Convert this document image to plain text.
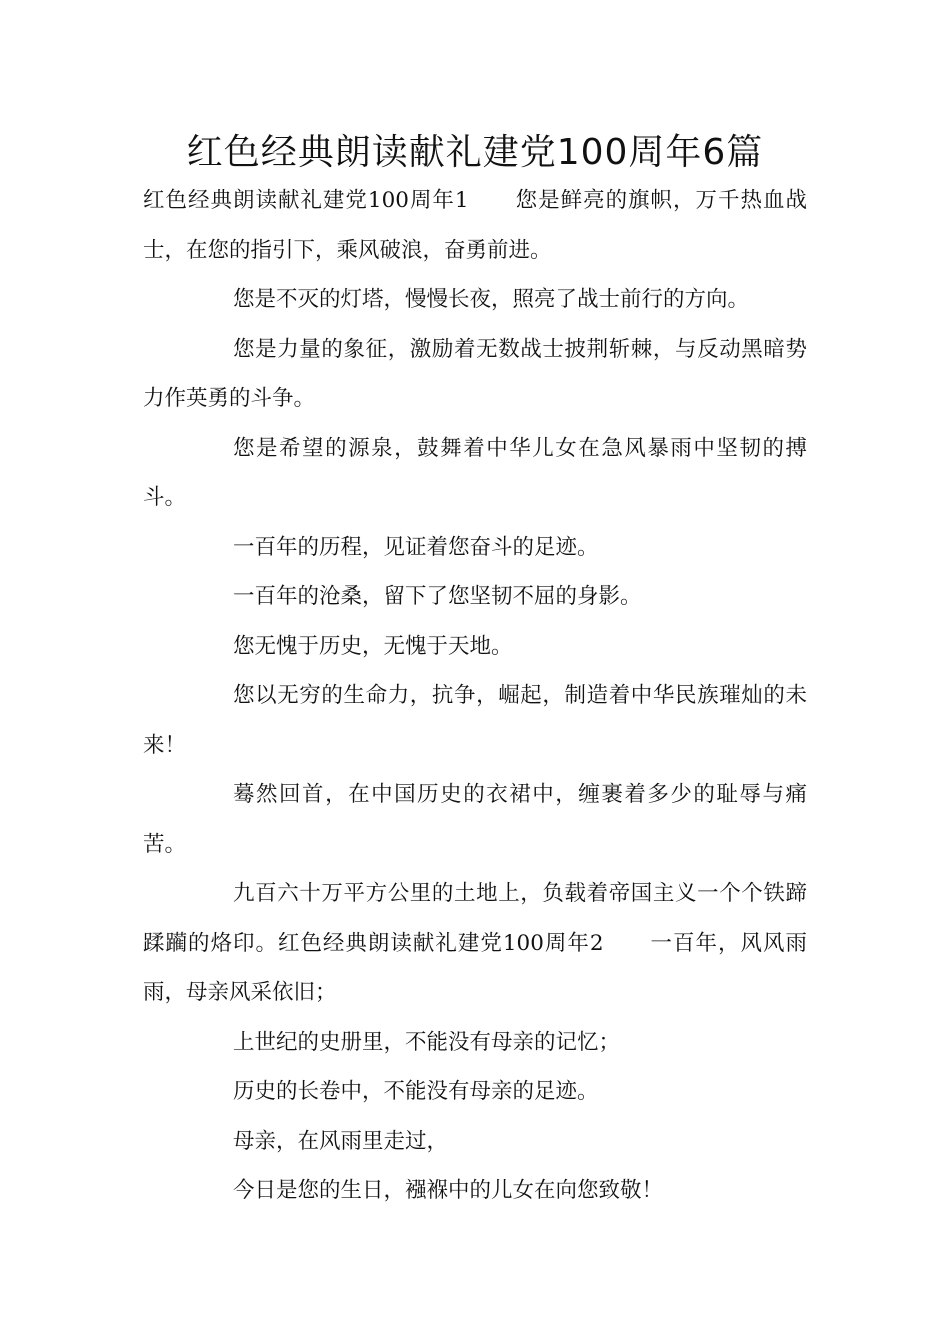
红色经典朗读献礼建党100周年6篇

红色经典朗读献礼建党100周年1 您是鲜亮的旗帜，万千热血战士，在您的指引下，乘风破浪，奋勇前进。

您是不灭的灯塔，慢慢长夜，照亮了战士前行的方向。

您是力量的象征，激励着无数战士披荆斩棘，与反动黑暗势力作英勇的斗争。

您是希望的源泉，鼓舞着中华儿女在急风暴雨中坚韧的搏斗。

一百年的历程，见证着您奋斗的足迹。

一百年的沧桑，留下了您坚韧不屈的身影。

您无愧于历史，无愧于天地。

您以无穷的生命力，抗争，崛起，制造着中华民族璀灿的未来！

蓦然回首，在中国历史的衣裙中，缠裹着多少的耻辱与痛苦。

九百六十万平方公里的土地上，负载着帝国主义一个个铁蹄蹂躏的烙印。红色经典朗读献礼建党100周年2 一百年，风风雨雨，母亲风采依旧；

上世纪的史册里，不能没有母亲的记忆；

历史的长卷中，不能没有母亲的足迹。

母亲，在风雨里走过，

今日是您的生日，襁褓中的儿女在向您致敬！
